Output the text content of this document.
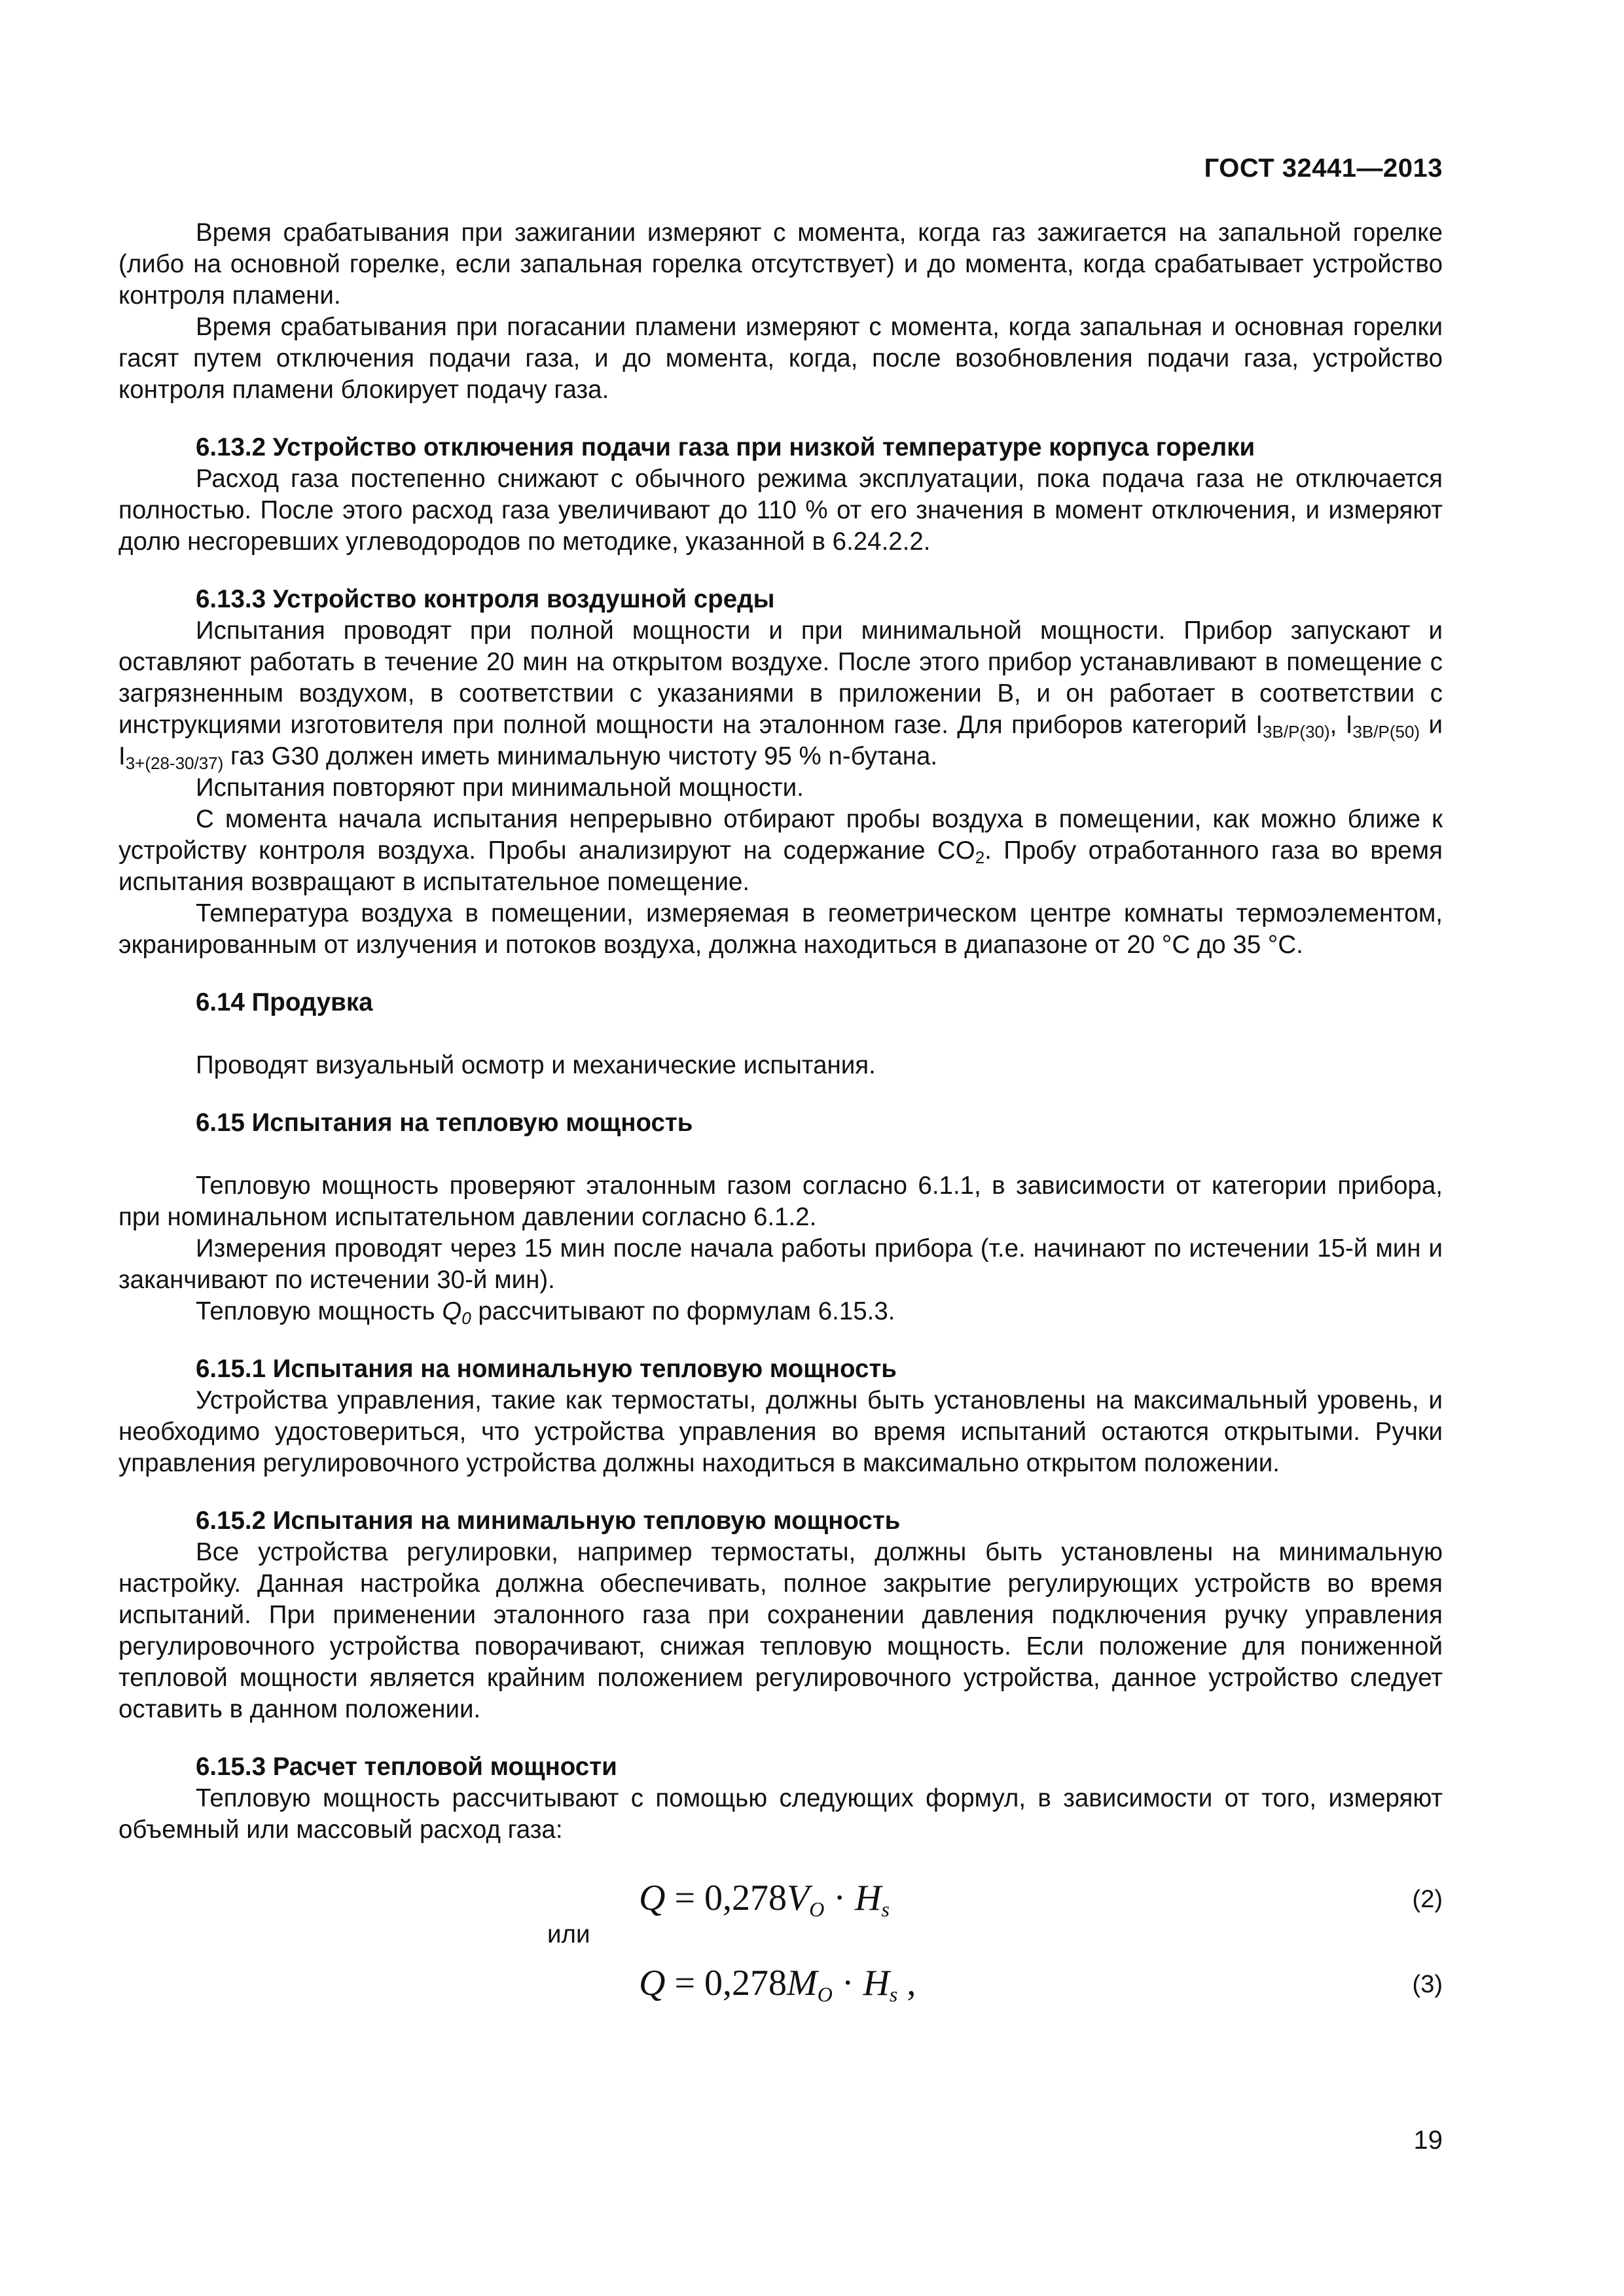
ГОСТ 32441—2013

Время срабатывания при зажигании измеряют с момента, когда газ зажигается на запальной горелке (либо на основной горелке, если запальная горелка отсутствует) и до момента, когда срабатывает устройство контроля пламени.

Время срабатывания при погасании пламени измеряют с момента, когда запальная и основная горелки гасят путем отключения подачи газа, и до момента, когда, после возобновления подачи газа, устройство контроля пламени блокирует подачу газа.

6.13.2 Устройство отключения подачи газа при низкой температуре корпуса горелки

Расход газа постепенно снижают с обычного режима эксплуатации, пока подача газа не отключается полностью. После этого расход газа увеличивают до 110 % от его значения в момент отключения, и измеряют долю несгоревших углеводородов по методике, указанной в 6.24.2.2.

6.13.3 Устройство контроля воздушной среды

Испытания проводят при полной мощности и при минимальной мощности. Прибор запускают и оставляют работать в течение 20 мин на открытом воздухе. После этого прибор устанавливают в помещение с загрязненным воздухом, в соответствии с указаниями в приложении В, и он работает в соответствии с инструкциями изготовителя при полной мощности на эталонном газе. Для приборов категорий $I_{3B/P(30)}$, $I_{3B/P(50)}$ и $I_{3+(28-30/37)}$ газ G30 должен иметь минимальную чистоту 95 % n-бутана.

Испытания повторяют при минимальной мощности.

С момента начала испытания непрерывно отбирают пробы воздуха в помещении, как можно ближе к устройству контроля воздуха. Пробы анализируют на содержание $CO_2$. Пробу отработанного газа во время испытания возвращают в испытательное помещение.

Температура воздуха в помещении, измеряемая в геометрическом центре комнаты термоэлементом, экранированным от излучения и потоков воздуха, должна находиться в диапазоне от 20 °С до 35 °С.

6.14 Продувка

Проводят визуальный осмотр и механические испытания.

6.15 Испытания на тепловую мощность

Тепловую мощность проверяют эталонным газом согласно 6.1.1, в зависимости от категории прибора, при номинальном испытательном давлении согласно 6.1.2.

Измерения проводят через 15 мин после начала работы прибора (т.е. начинают по истечении 15-й мин и заканчивают по истечении 30-й мин).

Тепловую мощность $Q_0$ рассчитывают по формулам 6.15.3.

6.15.1 Испытания на номинальную тепловую мощность

Устройства управления, такие как термостаты, должны быть установлены на максимальный уровень, и необходимо удостовериться, что устройства управления во время испытаний остаются открытыми. Ручки управления регулировочного устройства должны находиться в максимально открытом положении.

6.15.2 Испытания на минимальную тепловую мощность

Все устройства регулировки, например термостаты, должны быть установлены на минимальную настройку. Данная настройка должна обеспечивать, полное закрытие регулирующих устройств во время испытаний. При применении эталонного газа при сохранении давления подключения ручку управления регулировочного устройства поворачивают, снижая тепловую мощность. Если положение для пониженной тепловой мощности является крайним положением регулировочного устройства, данное устройство следует оставить в данном положении.

6.15.3 Расчет тепловой мощности

Тепловую мощность рассчитывают с помощью следующих формул, в зависимости от того, измеряют объемный или массовый расход газа:

$Q = 0,278V_O \cdot H_s$	(2)
или
$Q = 0,278M_O \cdot H_s$ ,	(3)
19
